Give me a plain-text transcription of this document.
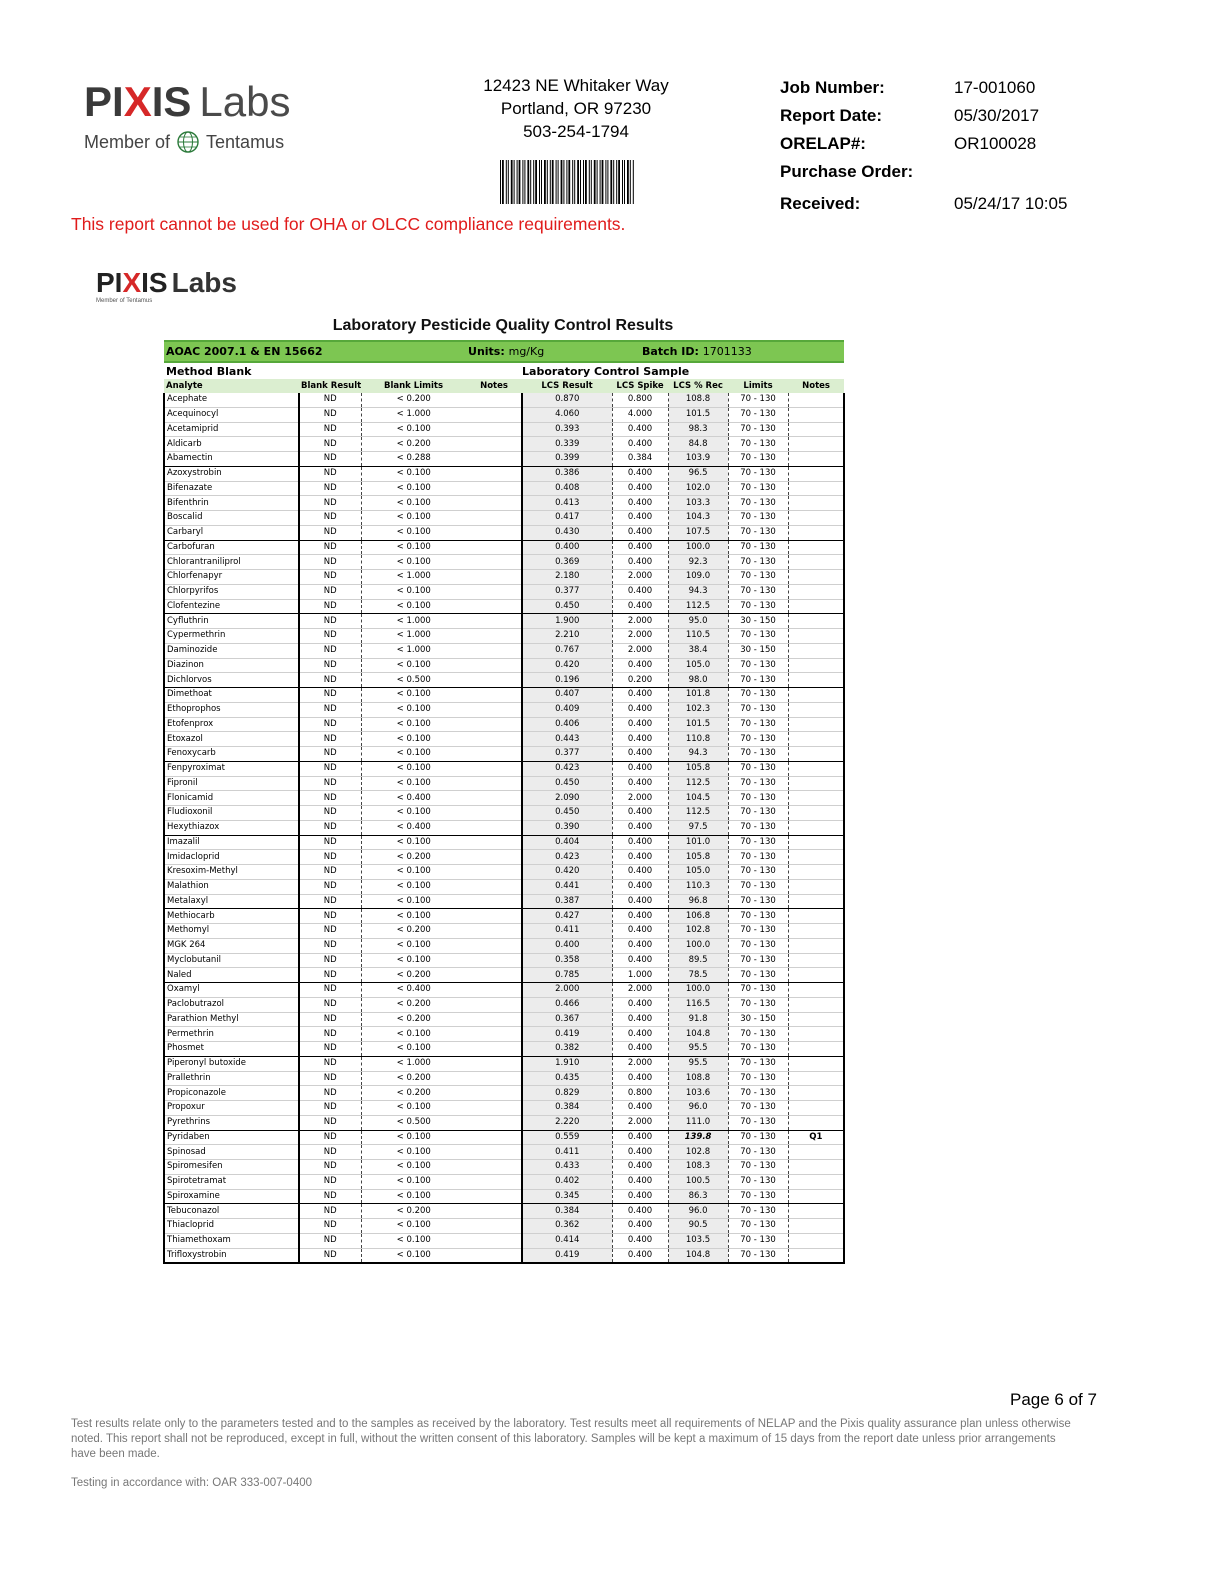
PIXIS Labs
Member of Tentamus
12423 NE Whitaker Way
Portland, OR 97230
503-254-1794
Job Number:	17-001060
Report Date:	05/30/2017
ORELAP#:	OR100028
Purchase Order:
Received:	05/24/17 10:05
This report cannot be used for OHA or OLCC compliance requirements.
PIXIS Labs
Member of Tentamus
Laboratory Pesticide Quality Control Results
AOAC 2007.1 & EN 15662			Units: mg/Kg		Batch ID: 1701133			
Method Blank				Laboratory Control Sample				
Analyte	Blank Result	Blank Limits	Notes	LCS Result	LCS Spike	LCS % Rec	Limits	Notes
Acephate	ND	< 0.200		0.870	0.800	108.8	70 - 130	
Acequinocyl	ND	< 1.000		4.060	4.000	101.5	70 - 130	
Acetamiprid	ND	< 0.100		0.393	0.400	98.3	70 - 130	
Aldicarb	ND	< 0.200		0.339	0.400	84.8	70 - 130	
Abamectin	ND	< 0.288		0.399	0.384	103.9	70 - 130	
Azoxystrobin	ND	< 0.100		0.386	0.400	96.5	70 - 130	
Bifenazate	ND	< 0.100		0.408	0.400	102.0	70 - 130	
Bifenthrin	ND	< 0.100		0.413	0.400	103.3	70 - 130	
Boscalid	ND	< 0.100		0.417	0.400	104.3	70 - 130	
Carbaryl	ND	< 0.100		0.430	0.400	107.5	70 - 130	
Carbofuran	ND	< 0.100		0.400	0.400	100.0	70 - 130	
Chlorantraniliprol	ND	< 0.100		0.369	0.400	92.3	70 - 130	
Chlorfenapyr	ND	< 1.000		2.180	2.000	109.0	70 - 130	
Chlorpyrifos	ND	< 0.100		0.377	0.400	94.3	70 - 130	
Clofentezine	ND	< 0.100		0.450	0.400	112.5	70 - 130	
Cyfluthrin	ND	< 1.000		1.900	2.000	95.0	30 - 150	
Cypermethrin	ND	< 1.000		2.210	2.000	110.5	70 - 130	
Daminozide	ND	< 1.000		0.767	2.000	38.4	30 - 150	
Diazinon	ND	< 0.100		0.420	0.400	105.0	70 - 130	
Dichlorvos	ND	< 0.500		0.196	0.200	98.0	70 - 130	
Dimethoat	ND	< 0.100		0.407	0.400	101.8	70 - 130	
Ethoprophos	ND	< 0.100		0.409	0.400	102.3	70 - 130	
Etofenprox	ND	< 0.100		0.406	0.400	101.5	70 - 130	
Etoxazol	ND	< 0.100		0.443	0.400	110.8	70 - 130	
Fenoxycarb	ND	< 0.100		0.377	0.400	94.3	70 - 130	
Fenpyroximat	ND	< 0.100		0.423	0.400	105.8	70 - 130	
Fipronil	ND	< 0.100		0.450	0.400	112.5	70 - 130	
Flonicamid	ND	< 0.400		2.090	2.000	104.5	70 - 130	
Fludioxonil	ND	< 0.100		0.450	0.400	112.5	70 - 130	
Hexythiazox	ND	< 0.400		0.390	0.400	97.5	70 - 130	
Imazalil	ND	< 0.100		0.404	0.400	101.0	70 - 130	
Imidacloprid	ND	< 0.200		0.423	0.400	105.8	70 - 130	
Kresoxim-Methyl	ND	< 0.100		0.420	0.400	105.0	70 - 130	
Malathion	ND	< 0.100		0.441	0.400	110.3	70 - 130	
Metalaxyl	ND	< 0.100		0.387	0.400	96.8	70 - 130	
Methiocarb	ND	< 0.100		0.427	0.400	106.8	70 - 130	
Methomyl	ND	< 0.200		0.411	0.400	102.8	70 - 130	
MGK 264	ND	< 0.100		0.400	0.400	100.0	70 - 130	
Myclobutanil	ND	< 0.100		0.358	0.400	89.5	70 - 130	
Naled	ND	< 0.200		0.785	1.000	78.5	70 - 130	
Oxamyl	ND	< 0.400		2.000	2.000	100.0	70 - 130	
Paclobutrazol	ND	< 0.200		0.466	0.400	116.5	70 - 130	
Parathion Methyl	ND	< 0.200		0.367	0.400	91.8	30 - 150	
Permethrin	ND	< 0.100		0.419	0.400	104.8	70 - 130	
Phosmet	ND	< 0.100		0.382	0.400	95.5	70 - 130	
Piperonyl butoxide	ND	< 1.000		1.910	2.000	95.5	70 - 130	
Prallethrin	ND	< 0.200		0.435	0.400	108.8	70 - 130	
Propiconazole	ND	< 0.200		0.829	0.800	103.6	70 - 130	
Propoxur	ND	< 0.100		0.384	0.400	96.0	70 - 130	
Pyrethrins	ND	< 0.500		2.220	2.000	111.0	70 - 130	
Pyridaben	ND	< 0.100		0.559	0.400	139.8	70 - 130	Q1
Spinosad	ND	< 0.100		0.411	0.400	102.8	70 - 130	
Spiromesifen	ND	< 0.100		0.433	0.400	108.3	70 - 130	
Spirotetramat	ND	< 0.100		0.402	0.400	100.5	70 - 130	
Spiroxamine	ND	< 0.100		0.345	0.400	86.3	70 - 130	
Tebuconazol	ND	< 0.200		0.384	0.400	96.0	70 - 130	
Thiacloprid	ND	< 0.100		0.362	0.400	90.5	70 - 130	
Thiamethoxam	ND	< 0.100		0.414	0.400	103.5	70 - 130	
Trifloxystrobin	ND	< 0.100		0.419	0.400	104.8	70 - 130	
Page 6 of 7
Test results relate only to the parameters tested and to the samples as received by the laboratory. Test results meet all requirements of NELAP and the Pixis quality assurance plan unless otherwise noted. This report shall not be reproduced, except in full, without the written consent of this laboratory. Samples will be kept a maximum of 15 days from the report date unless prior arrangements have been made.
Testing in accordance with: OAR 333-007-0400
